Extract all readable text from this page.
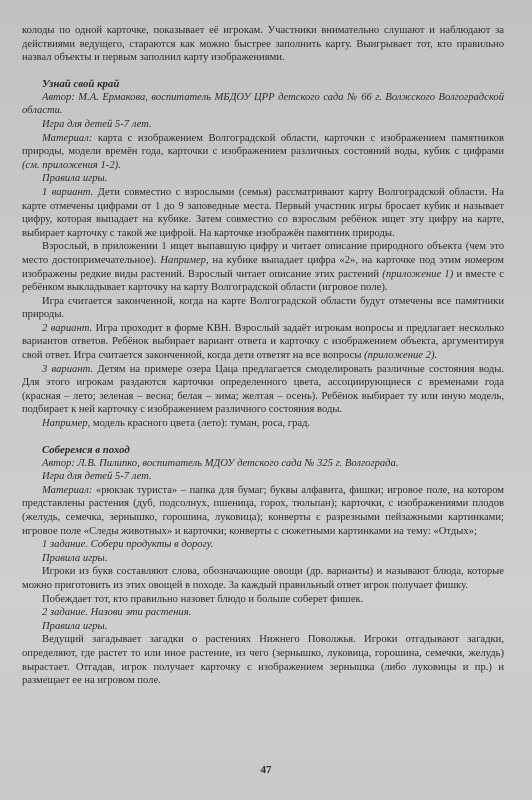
колоды по одной карточке, показывает её игрокам. Участники внимательно слушают и наблюдают за действиями ведущего, стараются как можно быстрее заполнить карту. Выигрывает тот, кто правильно назвал объекты и первым заполнил карту изображениями.

Узнай свой край

Автор: М.А. Ермакова, воспитатель МБДОУ ЦРР детского сада № 66 г. Волжского Волгоградской области.

Игра для детей 5-7 лет.

Материал: карта с изображением Волгоградской области, карточки с изображением памятников природы, модели времён года, карточки с изображением различных состояний воды, кубик с цифрами (см. приложения 1-2).

Правила игры.

1 вариант. Дети совместно с взрослыми (семья) рассматривают карту Волгоградской области. На карте отмечены цифрами от 1 до 9 заповедные места. Первый участник игры бросает кубик и называет цифру, которая выпадает на кубике. Затем совместно со взрослым ребёнок ищет эту цифру на карте, выбирает карточку с такой же цифрой. На карточке изображён памятник природы.

Взрослый, в приложении 1 ищет выпавшую цифру и читает описание природного объекта (чем это место достопримечательное). Например, на кубике выпадает цифра «2», на карточке под этим номером изображены редкие виды растений. Взрослый читает описание этих растений (приложение 1) и вместе с ребёнком выкладывает карточку на карту Волгоградской области (игровое поле).

Игра считается законченной, когда на карте Волгоградской области будут отмечены все памятники природы.

2 вариант. Игра проходит в форме КВН. Взрослый задаёт игрокам вопросы и предлагает несколько вариантов ответов. Ребёнок выбирает вариант ответа и карточку с изображением объекта, аргументируя свой ответ. Игра считается законченной, когда дети ответят на все вопросы (приложение 2).

3 вариант. Детям на примере озера Цаца предлагается смоделировать различные состояния воды. Для этого игрокам раздаются карточки определенного цвета, ассоциирующиеся с временами года (красная – лето; зеленая – весна; белая – зима; желтая – осень). Ребёнок выбирает ту или иную модель, подбирает к ней карточку с изображением различного состояния воды.

Например, модель красного цвета (лето): туман, роса, град.

Соберемся в поход

Автор: Л.В. Пилипко, воспитатель МДОУ детского сада № 325 г. Волгограда.

Игра для детей 5-7 лет.

Материал: «рюкзак туриста» – папка для бумаг; буквы алфавита, фишки; игровое поле, на котором представлены растения (дуб, подсолнух, пшеница, горох, тюльпан); карточки, с изображениями плодов (желудь, семечка, зернышко, горошина, луковица); конверты с разрезными пейзажными картинками; игровое поле «Следы животных» и карточки; конверты с сюжетными картинками на тему: «Отдых»;

1 задание. Собери продукты в дорогу.

Правила игры.

Игроки из букв составляют слова, обозначающие овощи (др. варианты) и называют блюда, которые можно приготовить из этих овощей в походе. За каждый правильный ответ игрок получает фишку.

Побеждает тот, кто правильно назовет блюдо и больше соберет фишек.

2 задание. Назови эти растения.

Правила игры.

Ведущий загадывает загадки о растениях Нижнего Поволжья. Игроки отгадывают загадки, определяют, где растет то или иное растение, из чего (зернышко, луковица, горошина, семечки, желудь) вырастает. Отгадав, игрок получает карточку с изображением зернышка (либо луковицы и пр.) и размещает ее на игровом поле.

47
